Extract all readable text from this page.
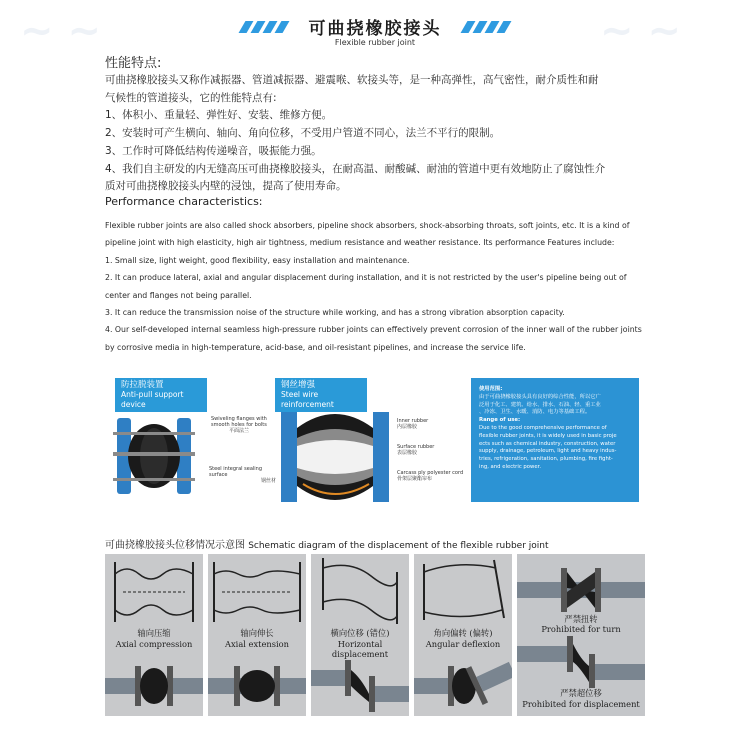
~ ~	~ ~
可曲挠橡胶接头
Flexible rubber joint
性能特点:
可曲挠橡胶接头又称作减振器、管道减振器、避震喉、软接头等，是一种高弹性，高气密性，耐介质性和耐
气候性的管道接头，它的性能特点有:
1、体积小、重量轻、弹性好、安装、维修方便。
2、安装时可产生横向、轴向、角向位移，不受用户管道不同心，法兰不平行的限制。
3、工作时可降低结构传递噪音，吸振能力强。
4、我们自主研发的内无缝高压可曲挠橡胶接头，在耐高温、耐酸碱、耐油的管道中更有效地防止了腐蚀性介
质对可曲挠橡胶接头内壁的浸蚀，提高了使用寿命。
Performance characteristics:
Flexible rubber joints are also called shock absorbers, pipeline shock absorbers, shock-absorbing throats, soft joints, etc. It is a kind of
pipeline joint with high elasticity, high air tightness, medium resistance and weather resistance. Its performance Features include:
1. Small size, light weight, good flexibility, easy installation and maintenance.
2. It can produce lateral, axial and angular displacement during installation, and it is not restricted by the user's pipeline being out of
center and flanges not being parallel.
3. It can reduce the transmission noise of the structure while working, and has a strong vibration absorption capacity.
4. Our self-developed internal seamless high-pressure rubber joints can effectively prevent corrosion of the inner wall of the rubber joints
by corrosive media in high-temperature, acid-base, and oil-resistant pipelines, and increase the service life.
防拉脱装置
Anti-pull support device
钢丝增强
Steel wire reinforcement
Swiveling flanges with smooth holes for bolts
平面法兰
Steel integral sealing surface
钢丝材
Inner rubber
内层橡胶
Surface rubber
表层橡胶
Carcass ply polyester cord
骨架层聚酯帘布
使用范围:
由于可曲挠橡胶接头具有良好的综合性能，所以它广
泛用于化工、建筑、给水、排水、石油、轻、重工业
、冷冻、卫生、水暖、消防、电力等基础工程。
Range of use:
Due to the good comprehensive performance of
flexible rubber joints, it is widely used in basic proje
ects such as chemical industry, construction, water
supply, drainage, petroleum, light and heavy indus-
tries, refrigeration, sanitation, plumbing, fire fight-
ing, and electric power.
可曲挠橡胶接头位移情况示意图 Schematic diagram of the displacement of the flexible rubber joint
轴向压缩
Axial compression
轴向伸长
Axial extension
横向位移 (错位)
Horizontal displacement
角向偏转 (偏转)
Angular deflexion
严禁扭转
Prohibited for turn
严禁超位移
Prohibited for displacement
